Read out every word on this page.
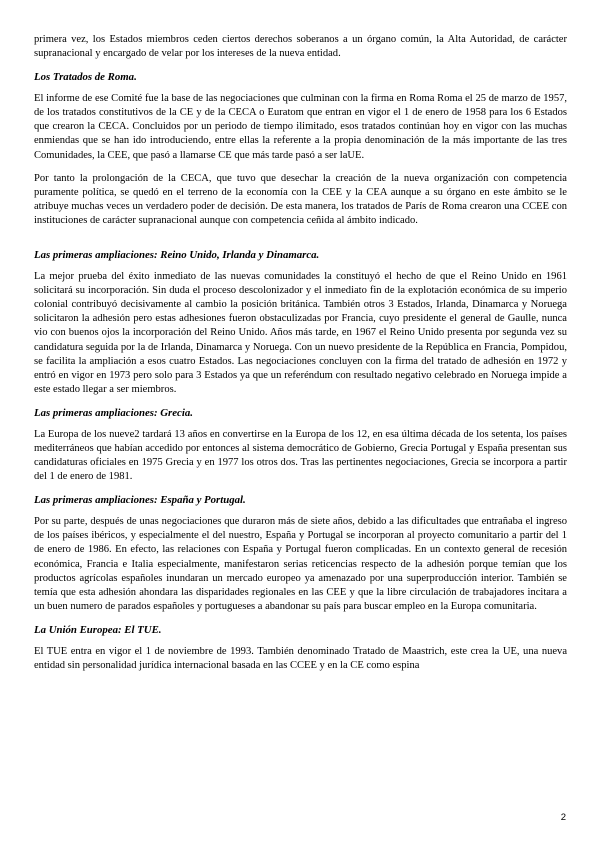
primera vez, los Estados miembros ceden ciertos derechos soberanos a un órgano común, la Alta Autoridad, de carácter supranacional y encargado de velar por los intereses de la nueva entidad.

Los Tratados de Roma.

El informe de ese Comité fue la base de las negociaciones que culminan con la firma en Roma Roma el 25 de marzo de 1957, de los tratados constitutivos de la CE y de la CECA o Euratom que entran en vigor el 1 de enero de 1958 para los 6 Estados que crearon la CECA. Concluidos por un periodo de tiempo ilimitado, esos tratados continúan hoy en vigor con las muchas enmiendas que se han ido introduciendo, entre ellas la referente a la propia denominación de la más importante de las tres Comunidades, la CEE, que pasó a llamarse CE que más tarde pasó a ser laUE.

Por tanto la prolongación de la CECA, que tuvo que desechar la creación de la nueva organización con competencia puramente política, se quedó en el terreno de la economía con la CEE y la CEA aunque a su órgano en este ámbito se le atribuye muchas veces un verdadero poder de decisión. De esta manera, los tratados de París de Roma crearon una CCEE con instituciones de carácter supranacional aunque con competencia ceñida al ámbito indicado.

Las primeras ampliaciones: Reino Unido, Irlanda y Dinamarca.

La mejor prueba del éxito inmediato de las nuevas comunidades la constituyó el hecho de que el Reino Unido en 1961 solicitará su incorporación. Sin duda el proceso descolonizador y el inmediato fin de la explotación económica de su imperio colonial contribuyó decisivamente al cambio la posición británica. También otros 3 Estados, Irlanda, Dinamarca y Noruega solicitaron la adhesión pero estas adhesiones fueron obstaculizadas por Francia, cuyo presidente el general de Gaulle, nunca vio con buenos ojos la incorporación del Reino Unido. Años más tarde, en 1967 el Reino Unido presenta por segunda vez su candidatura seguida por la de Irlanda, Dinamarca y Noruega. Con un nuevo presidente de la República en Francia, Pompidou, se facilita la ampliación a esos cuatro Estados. Las negociaciones concluyen con la firma del tratado de adhesión en 1972 y entró en vigor en 1973 pero solo para 3 Estados ya que un referéndum con resultado negativo celebrado en Noruega impide a este estado llegar a ser miembros.

Las primeras ampliaciones: Grecia.

La Europa de los nueve2 tardará 13 años en convertirse en la Europa de los 12, en esa última década de los setenta, los países mediterráneos que habían accedido por entonces al sistema democrático de Gobierno, Grecia Portugal y España presentan sus candidaturas oficiales en 1975 Grecia y en 1977 los otros dos. Tras las pertinentes negociaciones, Grecia se incorpora a partir del 1 de enero de 1981.

Las primeras ampliaciones: España y Portugal.

Por su parte, después de unas negociaciones que duraron más de siete años, debido a las dificultades que entrañaba el ingreso de los países ibéricos, y especialmente el del nuestro, España y Portugal se incorporan al proyecto comunitario a partir del 1 de enero de 1986. En efecto, las relaciones con España y Portugal fueron complicadas. En un contexto general de recesión económica, Francia e Italia especialmente, manifestaron serias reticencias respecto de la adhesión porque temían que los productos agrícolas españoles inundaran un mercado europeo ya amenazado por una superproducción interior. También se temía que esta adhesión ahondara las disparidades regionales en las CEE y que la libre circulación de trabajadores incitara a un buen numero de parados españoles y portugueses a abandonar su país para buscar empleo en la Europa comunitaria.

La Unión Europea: El TUE.

El TUE entra en vigor el 1 de noviembre de 1993. También denominado Tratado de Maastrich, este crea la UE, una nueva entidad sin personalidad jurídica internacional basada en las CCEE y en la CE como espina

2
